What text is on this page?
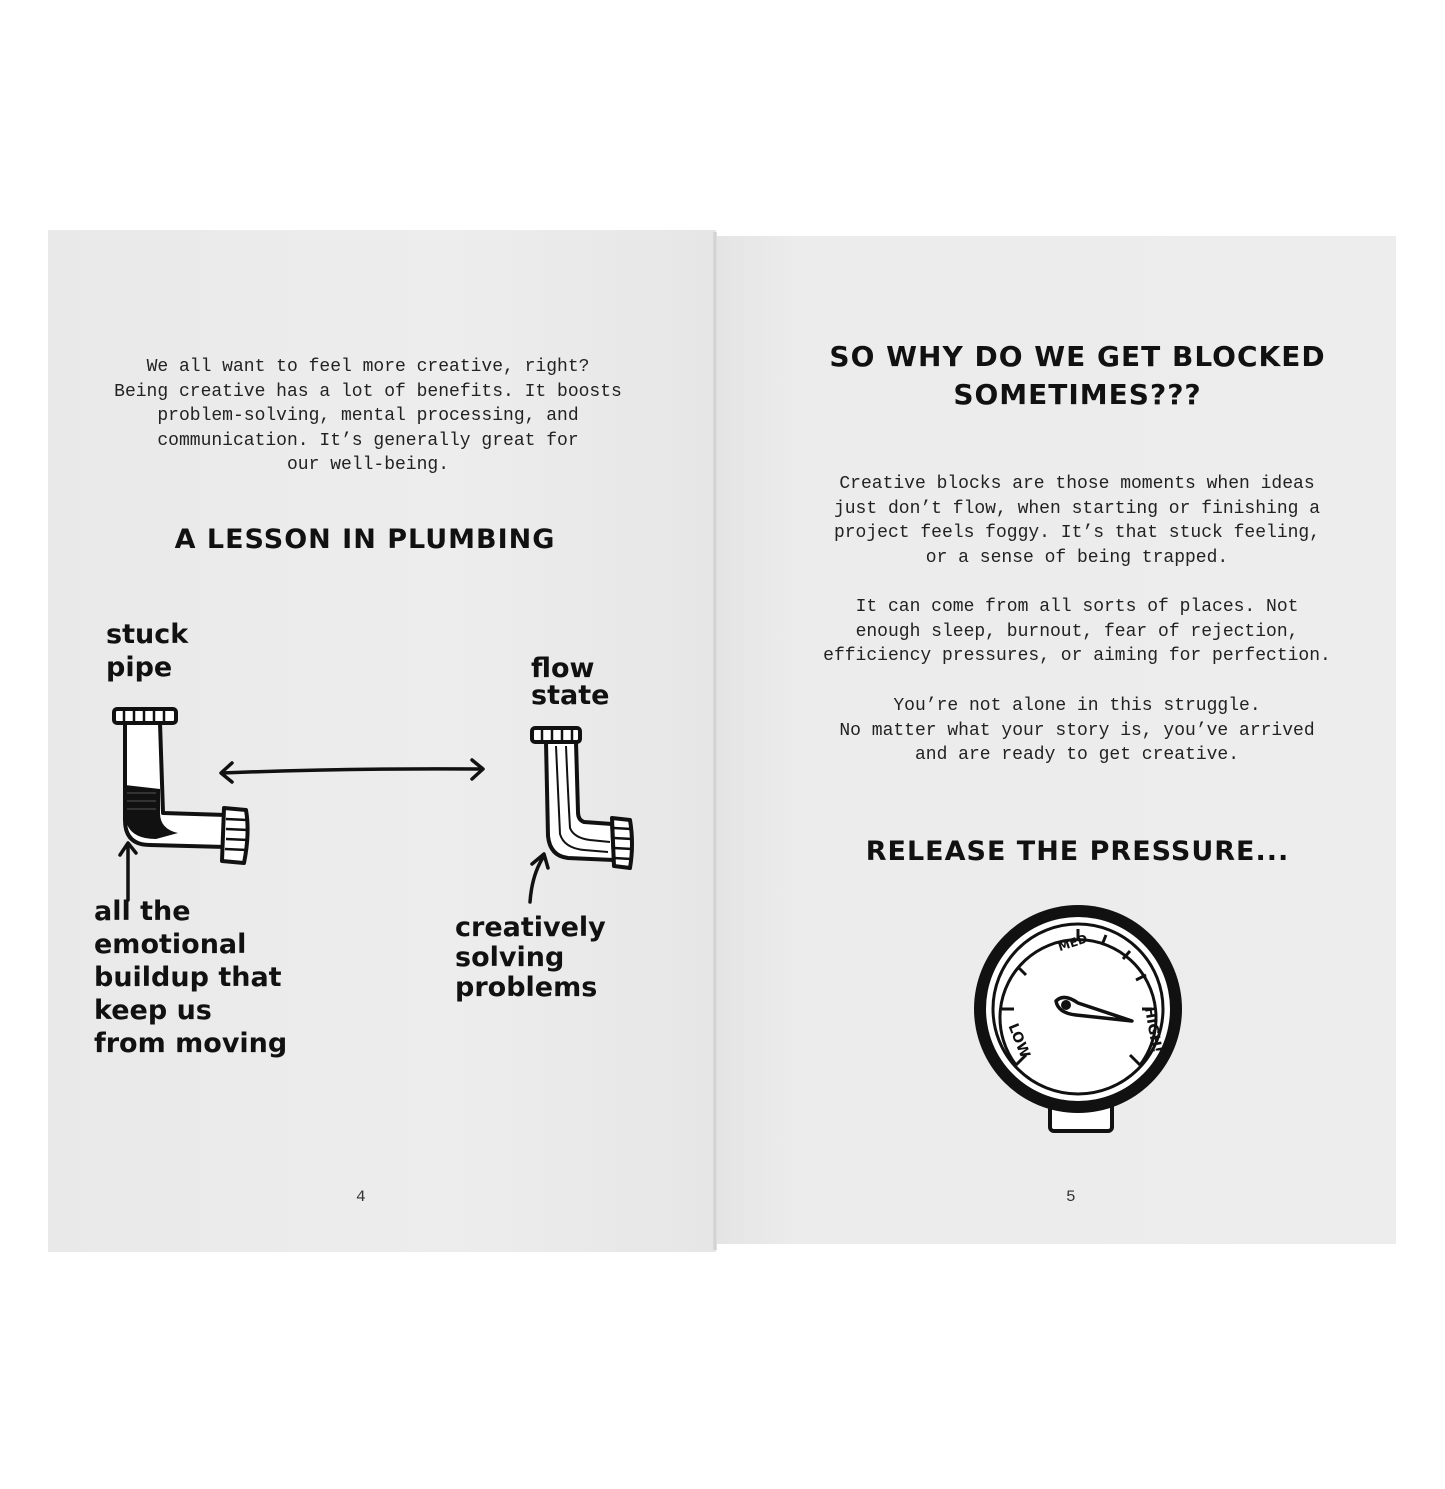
We all want to feel more creative, right?
Being creative has a lot of benefits. It boosts
problem-solving, mental processing, and
communication. It’s generally great for
our well-being.

A LESSON IN PLUMBING
stuck
pipe	flow
state
all the
emotional
buildup that
keep us
from moving
creatively
solving
problems
4
SO WHY DO WE GET BLOCKED
SOMETIMES???

Creative blocks are those moments when ideas
just don’t flow, when starting or finishing a
project feels foggy. It’s that stuck feeling,
or a sense of being trapped.

It can come from all sorts of places. Not
enough sleep, burnout, fear of rejection,
efficiency pressures, or aiming for perfection.

You’re not alone in this struggle.
No matter what your story is, you’ve arrived
and are ready to get creative.

RELEASE THE PRESSURE...
MED
LOW	HIGH!
5
